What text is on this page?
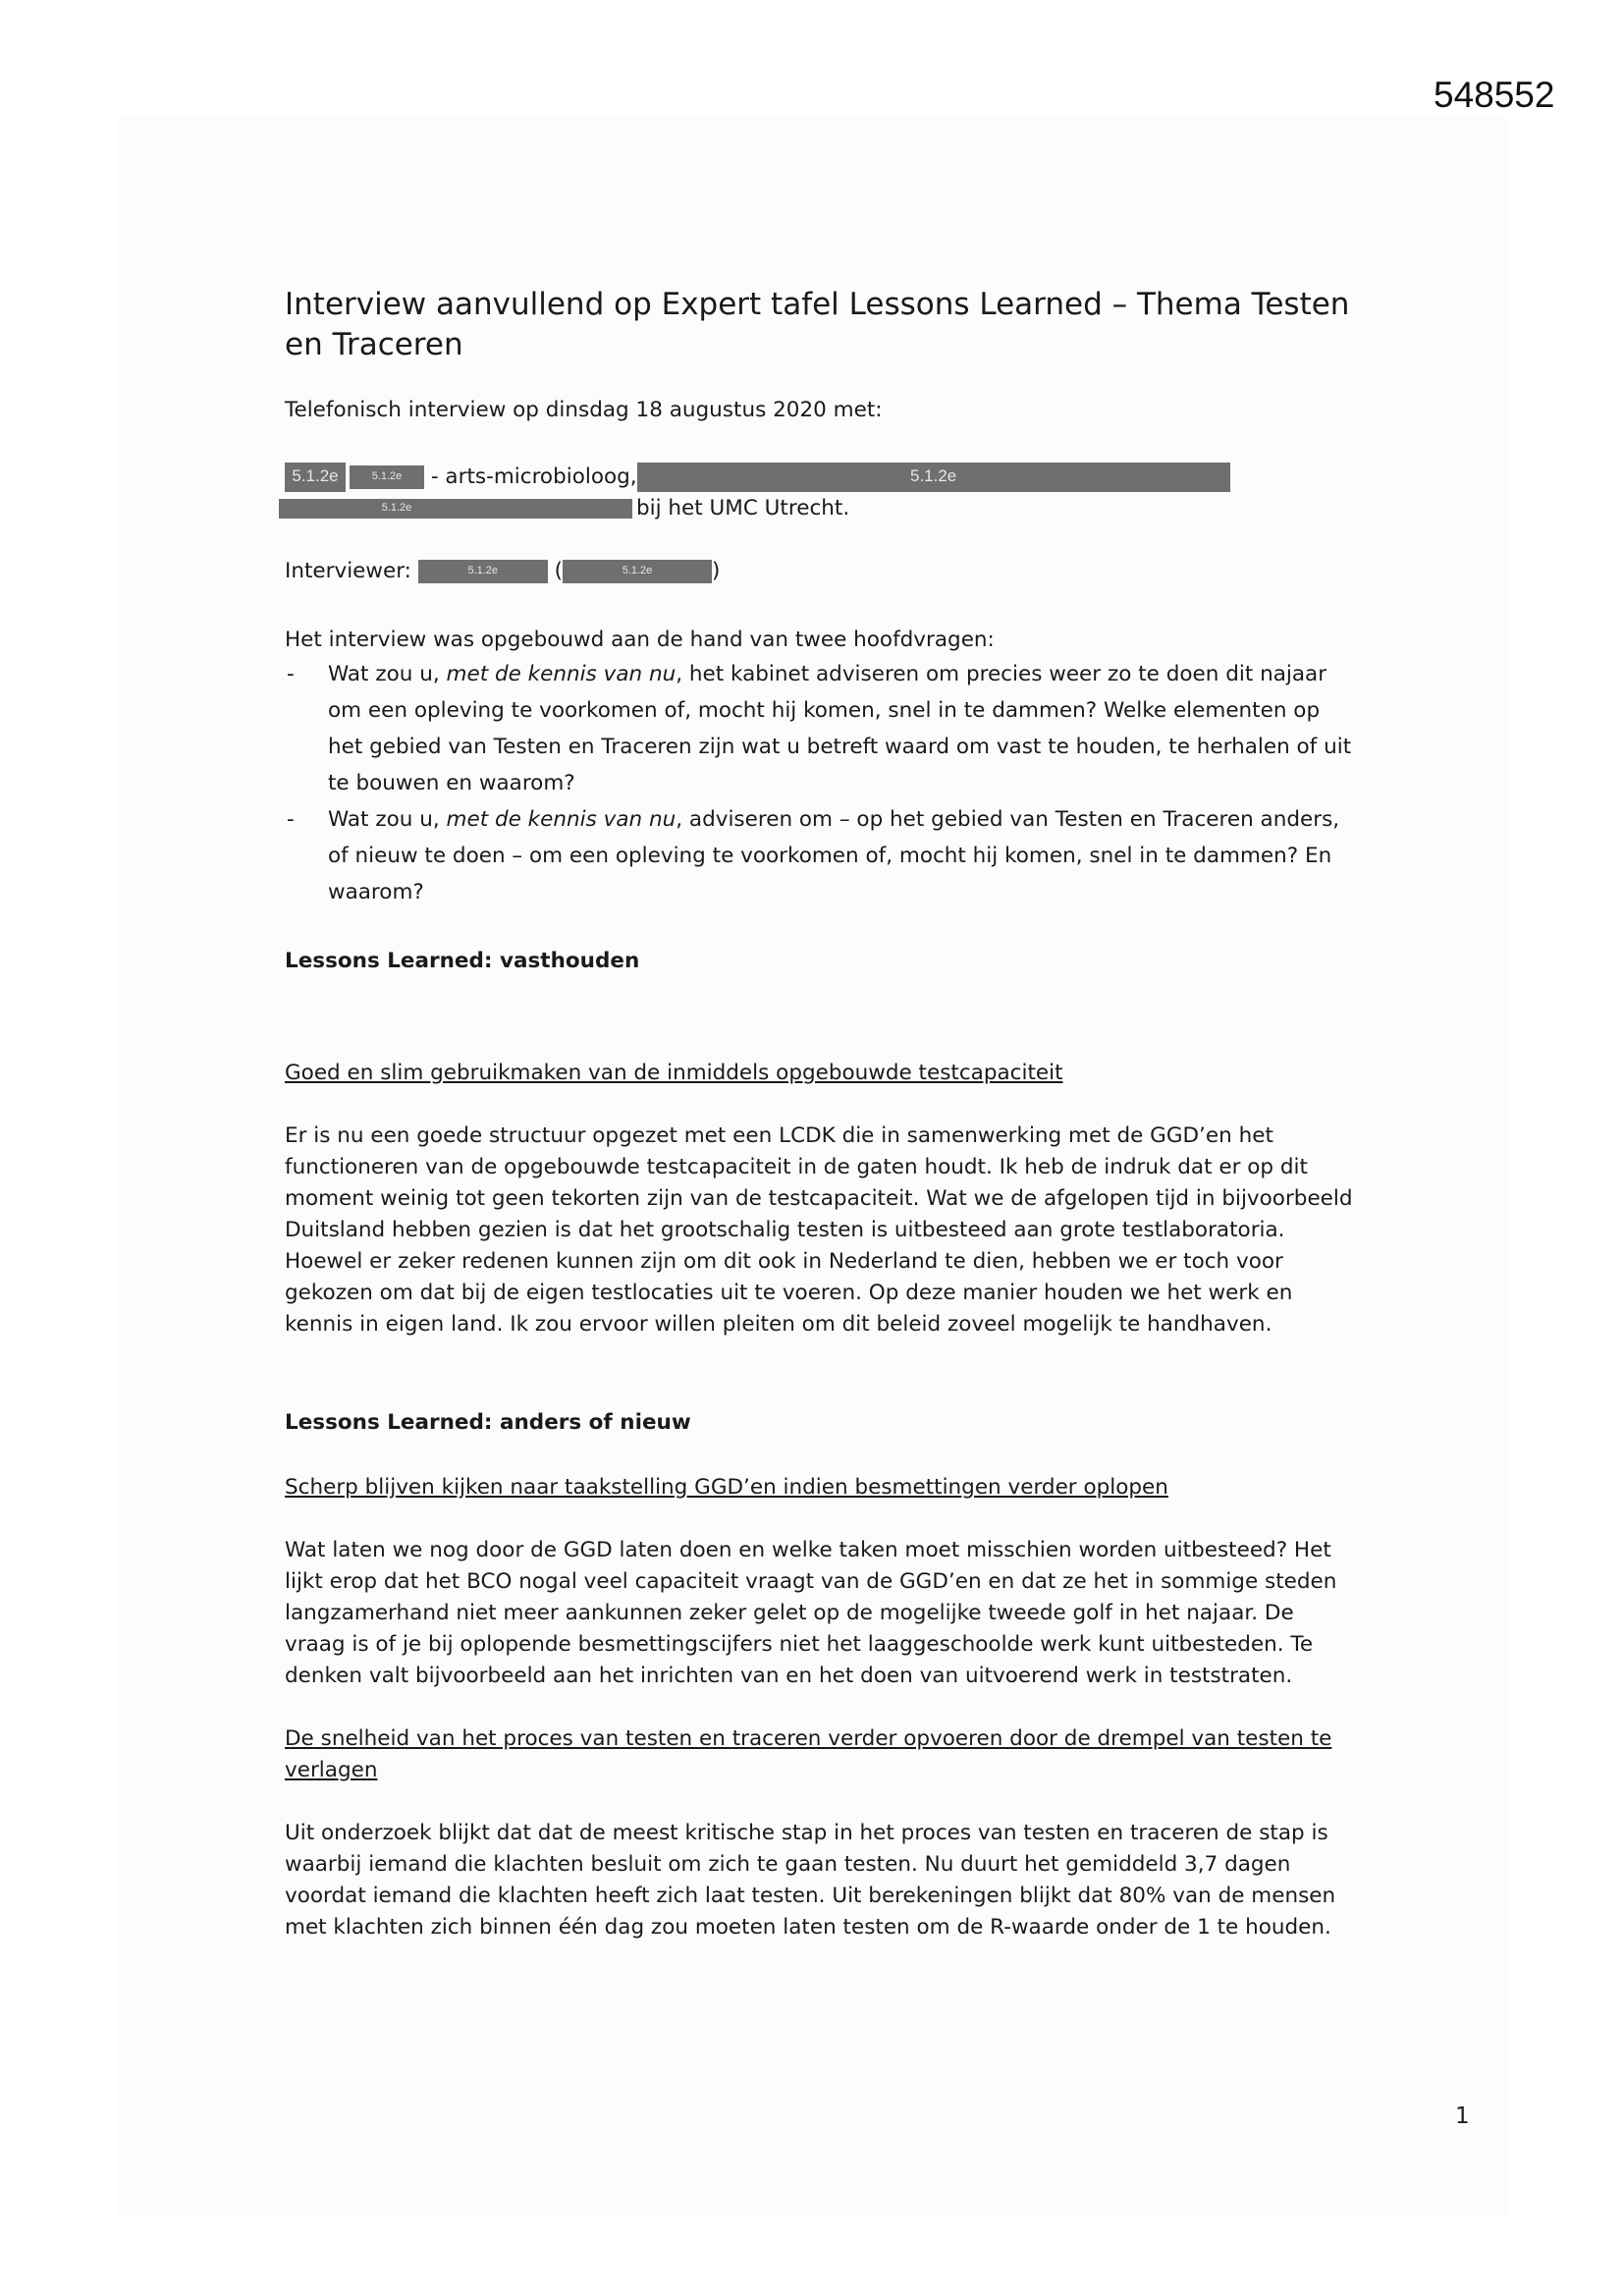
548552
1
Interview aanvullend op Expert tafel Lessons Learned – Thema Testen en Traceren

Telefonisch interview op dinsdag 18 augustus 2020 met:

5.1.2e	5.1.2e - arts-microbioloog,	5.1.2e
5.1.2e	bij het UMC Utrecht.
Interviewer:	5.1.2e	(	5.1.2e	)

Het interview was opgebouwd aan de hand van twee hoofdvragen:

- Wat zou u, met de kennis van nu, het kabinet adviseren om precies weer zo te doen dit najaar om een opleving te voorkomen of, mocht hij komen, snel in te dammen? Welke elementen op het gebied van Testen en Traceren zijn wat u betreft waard om vast te houden, te herhalen of uit te bouwen en waarom?
- Wat zou u, met de kennis van nu, adviseren om – op het gebied van Testen en Traceren anders, of nieuw te doen – om een opleving te voorkomen of, mocht hij komen, snel in te dammen? En waarom?

Lessons Learned: vasthouden

Goed en slim gebruikmaken van de inmiddels opgebouwde testcapaciteit

Er is nu een goede structuur opgezet met een LCDK die in samenwerking met de GGD’en het functioneren van de opgebouwde testcapaciteit in de gaten houdt. Ik heb de indruk dat er op dit moment weinig tot geen tekorten zijn van de testcapaciteit. Wat we de afgelopen tijd in bijvoorbeeld Duitsland hebben gezien is dat het grootschalig testen is uitbesteed aan grote testlaboratoria. Hoewel er zeker redenen kunnen zijn om dit ook in Nederland te dien, hebben we er toch voor gekozen om dat bij de eigen testlocaties uit te voeren. Op deze manier houden we het werk en kennis in eigen land. Ik zou ervoor willen pleiten om dit beleid zoveel mogelijk te handhaven.

Lessons Learned: anders of nieuw

Scherp blijven kijken naar taakstelling GGD’en indien besmettingen verder oplopen

Wat laten we nog door de GGD laten doen en welke taken moet misschien worden uitbesteed? Het lijkt erop dat het BCO nogal veel capaciteit vraagt van de GGD’en en dat ze het in sommige steden langzamerhand niet meer aankunnen zeker gelet op de mogelijke tweede golf in het najaar. De vraag is of je bij oplopende besmettingscijfers niet het laaggeschoolde werk kunt uitbesteden. Te denken valt bijvoorbeeld aan het inrichten van en het doen van uitvoerend werk in teststraten.

De snelheid van het proces van testen en traceren verder opvoeren door de drempel van testen te verlagen

Uit onderzoek blijkt dat dat de meest kritische stap in het proces van testen en traceren de stap is waarbij iemand die klachten besluit om zich te gaan testen. Nu duurt het gemiddeld 3,7 dagen voordat iemand die klachten heeft zich laat testen. Uit berekeningen blijkt dat 80% van de mensen met klachten zich binnen één dag zou moeten laten testen om de R-waarde onder de 1 te houden.
